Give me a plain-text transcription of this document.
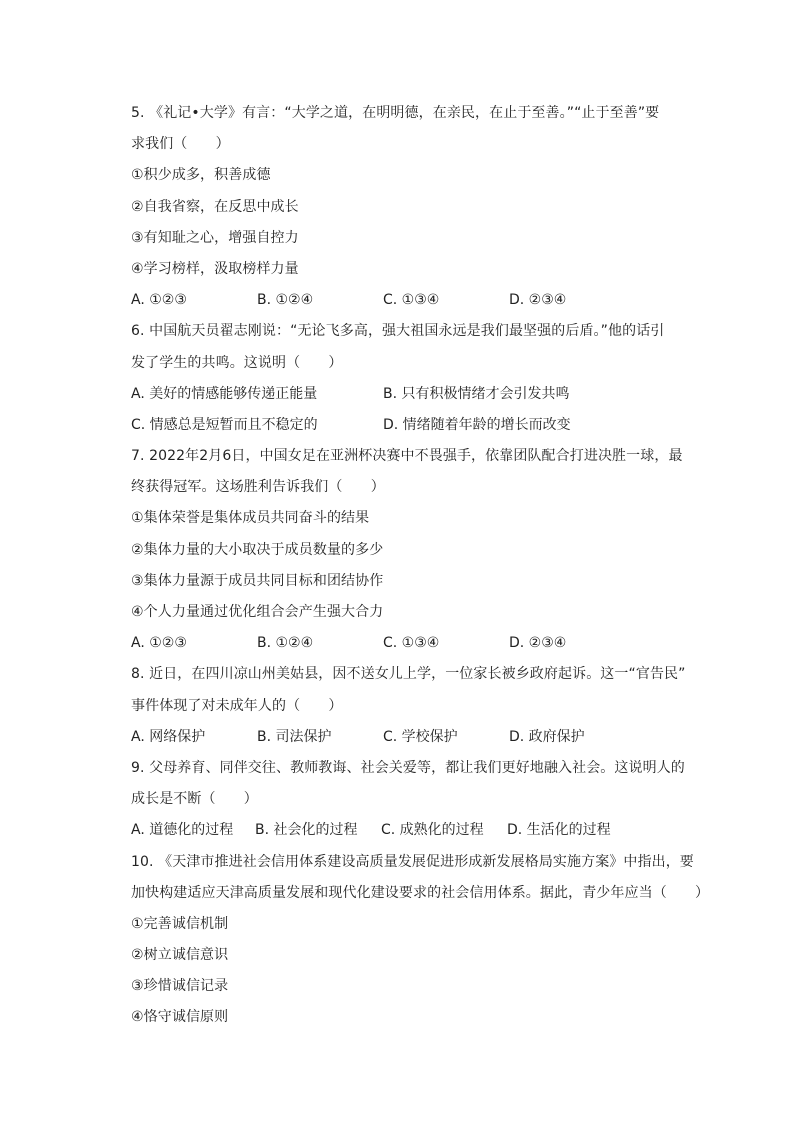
5. 《礼记•大学》有言：“大学之道，在明明德，在亲民，在止于至善。”“止于至善”要
求我们（　　）
①积少成多，积善成德
②自我省察，在反思中成长
③有知耻之心，增强自控力
④学习榜样，汲取榜样力量
A. ①②③	B. ①②④	C. ①③④	D. ②③④
6. 中国航天员翟志刚说：“无论飞多高，强大祖国永远是我们最坚强的后盾。”他的话引
发了学生的共鸣。这说明（　　）
A. 美好的情感能够传递正能量	B. 只有积极情绪才会引发共鸣
C. 情感总是短暂而且不稳定的	D. 情绪随着年龄的增长而改变
7. 2022年2月6日，中国女足在亚洲杯决赛中不畏强手，依靠团队配合打进决胜一球，最
终获得冠军。这场胜利告诉我们（　　）
①集体荣誉是集体成员共同奋斗的结果
②集体力量的大小取决于成员数量的多少
③集体力量源于成员共同目标和团结协作
④个人力量通过优化组合会产生强大合力
A. ①②③	B. ①②④	C. ①③④	D. ②③④
8. 近日，在四川凉山州美姑县，因不送女儿上学，一位家长被乡政府起诉。这一“官告民”
事件体现了对未成年人的（　　）
A. 网络保护	B. 司法保护	C. 学校保护	D. 政府保护
9. 父母养育、同伴交往、教师教诲、社会关爱等，都让我们更好地融入社会。这说明人的
成长是不断（　　）
A. 道德化的过程	B. 社会化的过程	C. 成熟化的过程	D. 生活化的过程
10. 《天津市推进社会信用体系建设高质量发展促进形成新发展格局实施方案》中指出，要
加快构建适应天津高质量发展和现代化建设要求的社会信用体系。据此，青少年应当（　　）
①完善诚信机制
②树立诚信意识
③珍惜诚信记录
④恪守诚信原则
